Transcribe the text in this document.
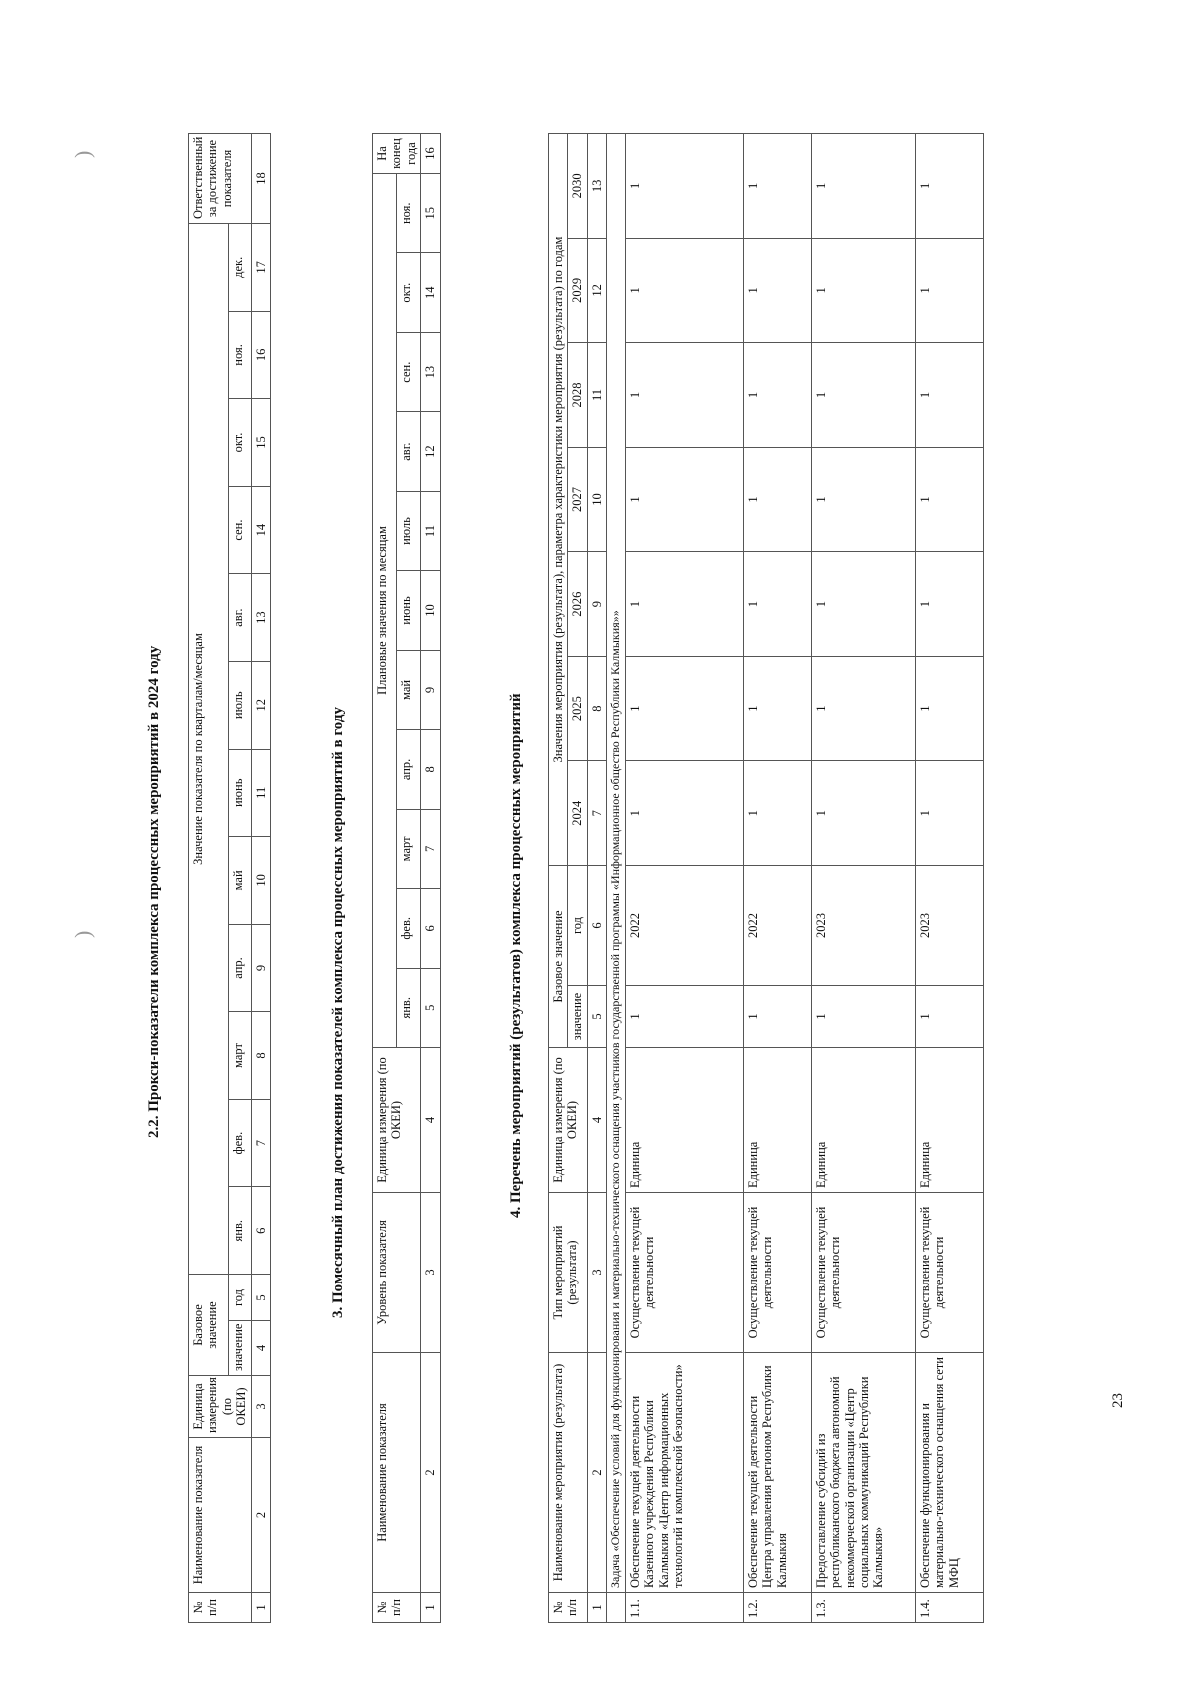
)
)	2.2. Прокси-показатели комплекса процессных мероприятий в 2024 году
№ п/п	Наименование показателя	Единица измерения (по ОКЕИ)	Базовое значение		Значение показателя по кварталам/месяцам												Ответственный за достижение показателя
			значение	год	янв.	фев.	март	апр.	май	июнь	июль	авг.	сен.	окт.	ноя.	дек.	
1	2	3	4	5	6	7	8	9	10	11	12	13	14	15	16	17	18
3. Помесячный план достижения показателей комплекса процессных мероприятий в году
№ п/п	Наименование показателя	Уровень показателя	Единица измерения (по ОКЕИ)	Плановые значения по месяцам											На конец года
				янв.	фев.	март	апр.	май	июнь	июль	авг.	сен.	окт.	ноя.	
1	2	3	4	5	6	7	8	9	10	11	12	13	14	15	16
4. Перечень мероприятий (результатов) комплекса процессных мероприятий
№ п/п	Наименование мероприятия (результата)	Тип мероприятий (результата)	Единица измерения (по ОКЕИ)	Базовое значение		Значения мероприятия (результата), параметра характеристики мероприятия (результата) по годам						
				значение	год	2024	2025	2026	2027	2028	2029	2030
1	2	3	4	5	6	7	8	9	10	11	12	13
	Задача «Обеспечение условий для функционирования и материально-технического оснащения участников государственной программы «Информационное общество Республики Калмыкия»»											
1.1.	Обеспечение текущей деятельности Казенного учреждения Республики Калмыкия «Центр информационных технологий и комплексной безопасности»	Осуществление текущей деятельности	Единица	1	2022	1	1	1	1	1	1	1
1.2.	Обеспечение текущей деятельности Центра управления регионом Республики Калмыкия	Осуществление текущей деятельности	Единица	1	2022	1	1	1	1	1	1	1
1.3.	Предоставление субсидий из республиканского бюджета автономной некоммерческой организации «Центр социальных коммуникаций Республики Калмыкия»	Осуществление текущей деятельности	Единица	1	2023	1	1	1	1	1	1	1
1.4.	Обеспечение функционирования и материально-технического оснащения сети МФЦ	Осуществление текущей деятельности	Единица	1	2023	1	1	1	1	1	1	1
23
